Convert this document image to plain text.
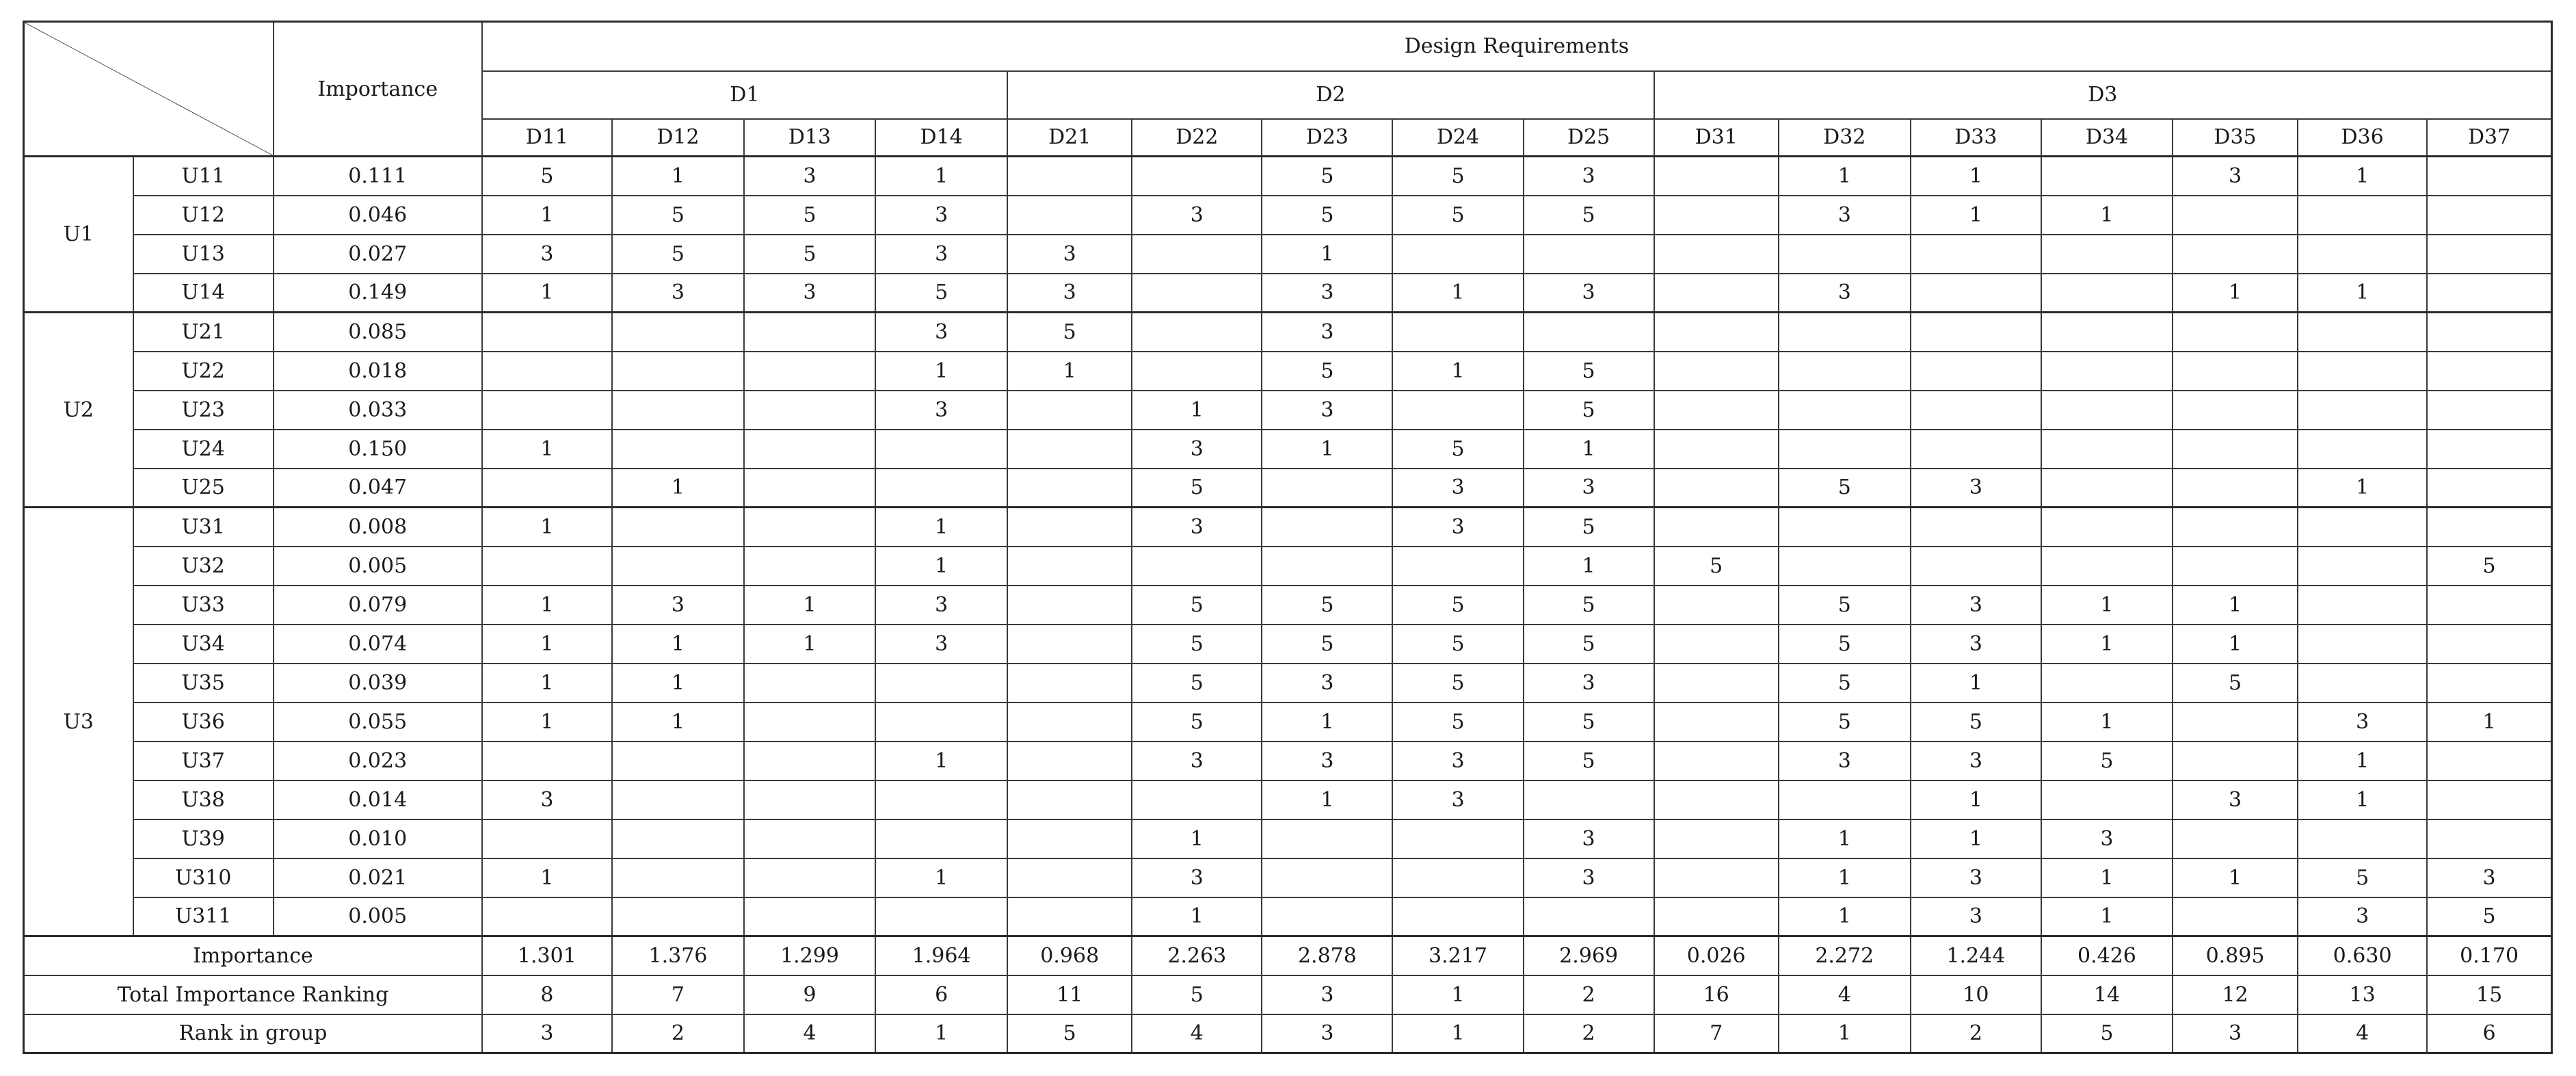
	Importance	Design Requirements															
			D1				D2					D3						
			D11	D12	D13	D14	D21	D22	D23	D24	D25	D31	D32	D33	D34	D35	D36	D37
U1	U11	0.111	5	1	3	1			5	5	3		1	1		3	1	
	U12	0.046	1	5	5	3		3	5	5	5		3	1	1			
	U13	0.027	3	5	5	3	3		1									
	U14	0.149	1	3	3	5	3		3	1	3		3			1	1	
U2	U21	0.085				3	5		3									
	U22	0.018				1	1		5	1	5							
	U23	0.033				3		1	3		5							
	U24	0.150	1					3	1	5	1							
	U25	0.047		1				5		3	3		5	3			1	
U3	U31	0.008	1			1		3		3	5							
	U32	0.005				1					1	5						5
	U33	0.079	1	3	1	3		5	5	5	5		5	3	1	1		
	U34	0.074	1	1	1	3		5	5	5	5		5	3	1	1		
	U35	0.039	1	1				5	3	5	3		5	1		5		
	U36	0.055	1	1				5	1	5	5		5	5	1		3	1
	U37	0.023				1		3	3	3	5		3	3	5		1	
	U38	0.014	3						1	3				1		3	1	
	U39	0.010						1			3		1	1	3			
	U310	0.021	1			1		3			3		1	3	1	1	5	3
	U311	0.005						1					1	3	1		3	5
Importance			1.301	1.376	1.299	1.964	0.968	2.263	2.878	3.217	2.969	0.026	2.272	1.244	0.426	0.895	0.630	0.170
Total Importance Ranking			8	7	9	6	11	5	3	1	2	16	4	10	14	12	13	15
Rank in group			3	2	4	1	5	4	3	1	2	7	1	2	5	3	4	6
